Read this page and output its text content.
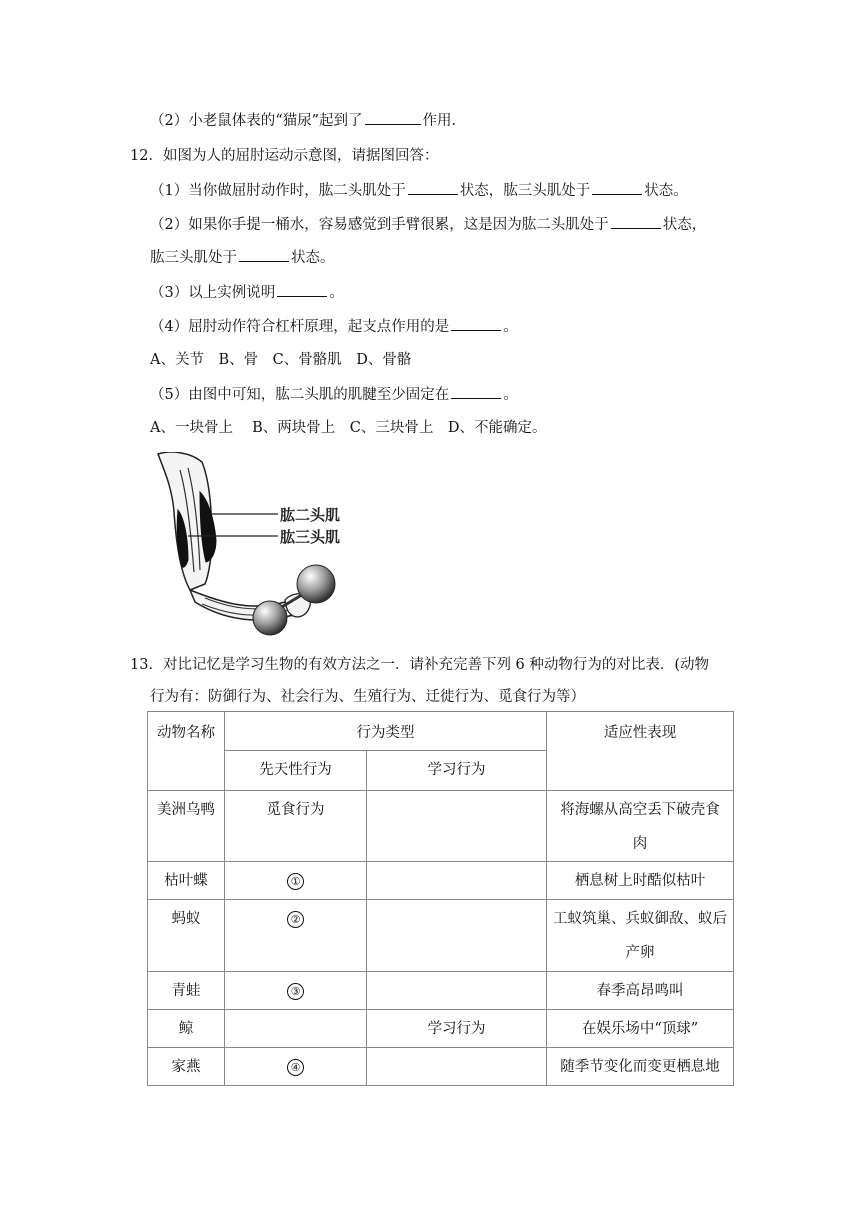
（2）小老鼠体表的“猫尿”起到了	作用．
12．如图为人的屈肘运动示意图，请据图回答：
（1）当你做屈肘动作时，肱二头肌处于	状态，肱三头肌处于	状态。
（2）如果你手提一桶水，容易感觉到手臂很累，这是因为肱二头肌处于	状态，
肱三头肌处于	状态。
（3）以上实例说明	。
（4）屈肘动作符合杠杆原理，起支点作用的是	。
A、关节　B、骨　C、骨骼肌　D、骨骼
（5）由图中可知，肱二头肌的肌腱至少固定在	。
A、一块骨上　 B、两块骨上　C、三块骨上　D、不能确定。
肱二头肌
肱三头肌
13．对比记忆是学习生物的有效方法之一．请补充完善下列 6 种动物行为的对比表．(动物
行为有：防御行为、社会行为、生殖行为、迁徙行为、觅食行为等）
动物名称	行为类型		适应性表现
	先天性行为	学习行为	
美洲乌鸭	觅食行为		将海螺从高空丢下破壳食
肉

枯叶蝶	①		栖息树上时酷似枯叶
蚂蚁	②		工蚁筑巢、兵蚁御敌、蚁后
产卵

青蛙	③		春季高昂鸣叫
鲸		学习行为	在娱乐场中“顶球”
家燕	④		随季节变化而变更栖息地
